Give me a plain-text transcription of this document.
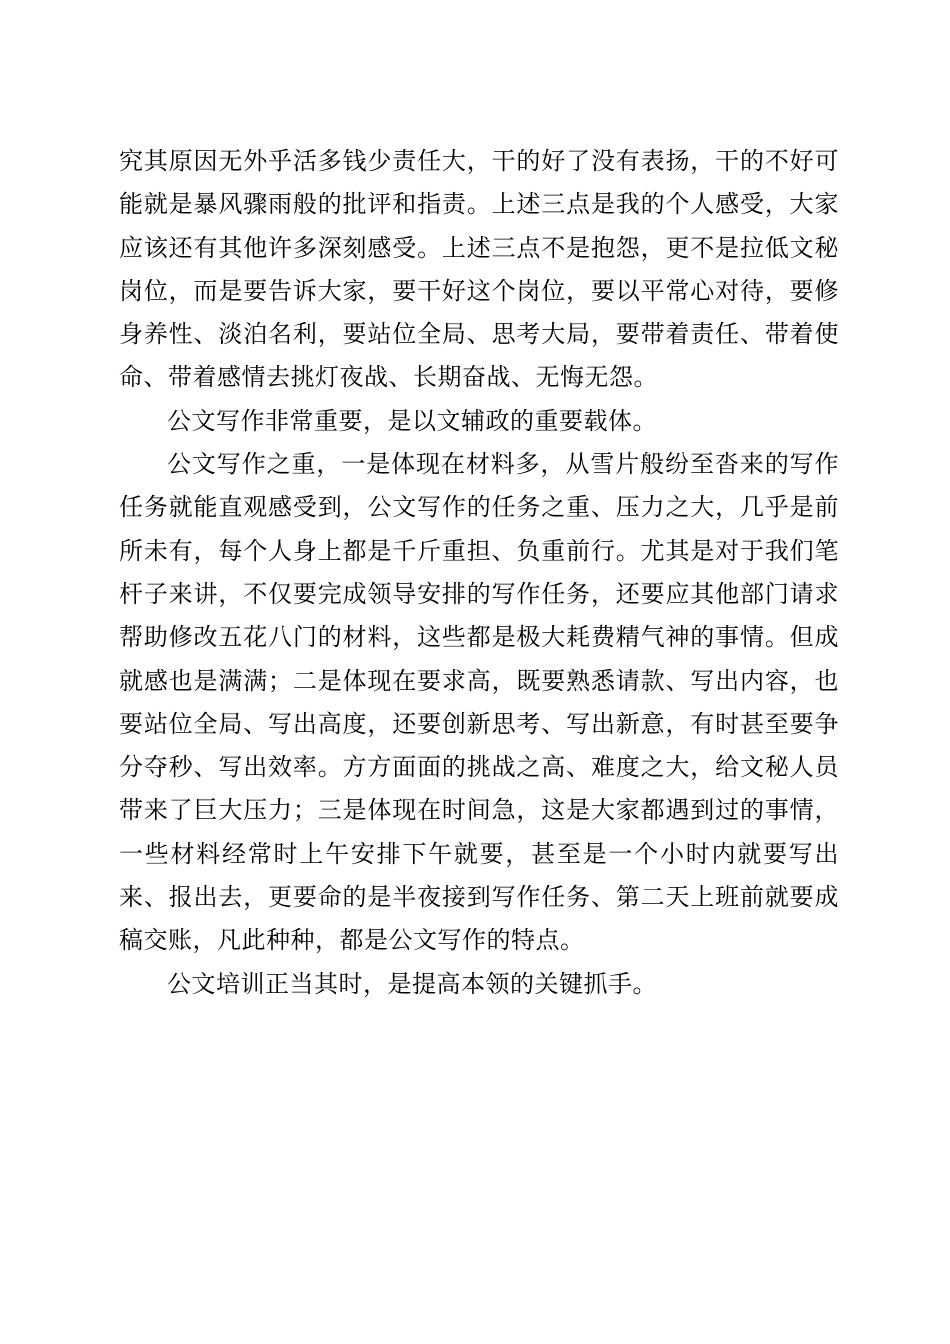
究其原因无外乎活多钱少责任大，干的好了没有表扬，干的不好可能就是暴风骤雨般的批评和指责。上述三点是我的个人感受，大家应该还有其他许多深刻感受。上述三点不是抱怨，更不是拉低文秘岗位，而是要告诉大家，要干好这个岗位，要以平常心对待，要修身养性、淡泊名利，要站位全局、思考大局，要带着责任、带着使命、带着感情去挑灯夜战、长期奋战、无悔无怨。

公文写作非常重要，是以文辅政的重要载体。

公文写作之重，一是体现在材料多，从雪片般纷至沓来的写作任务就能直观感受到，公文写作的任务之重、压力之大，几乎是前所未有，每个人身上都是千斤重担、负重前行。尤其是对于我们笔杆子来讲，不仅要完成领导安排的写作任务，还要应其他部门请求帮助修改五花八门的材料，这些都是极大耗费精气神的事情。但成就感也是满满；二是体现在要求高，既要熟悉请款、写出内容，也要站位全局、写出高度，还要创新思考、写出新意，有时甚至要争分夺秒、写出效率。方方面面的挑战之高、难度之大，给文秘人员带来了巨大压力；三是体现在时间急，这是大家都遇到过的事情，一些材料经常时上午安排下午就要，甚至是一个小时内就要写出来、报出去，更要命的是半夜接到写作任务、第二天上班前就要成稿交账，凡此种种，都是公文写作的特点。

公文培训正当其时，是提高本领的关键抓手。
